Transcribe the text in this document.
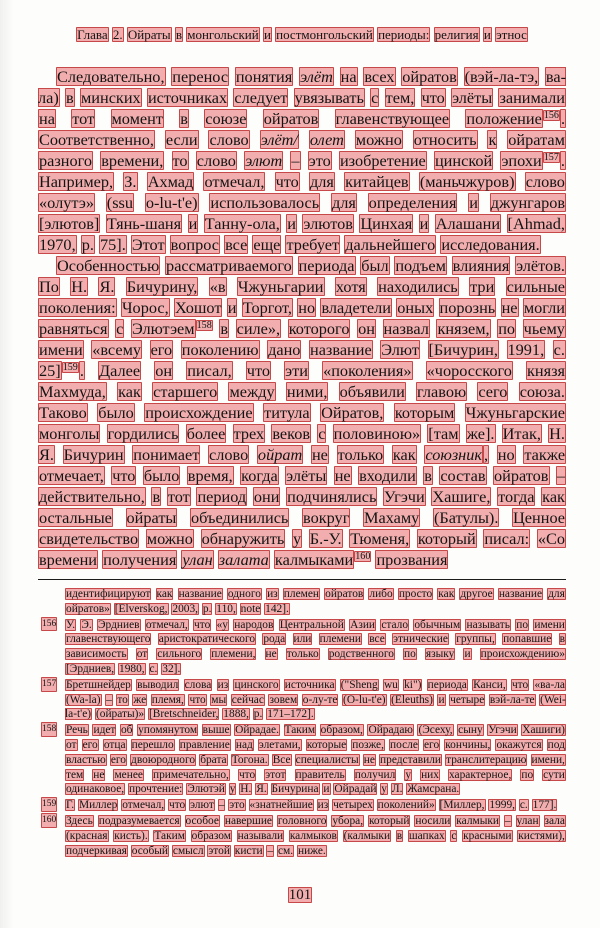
Глава 2. Ойраты в монгольский и постмонгольский периоды: религия и этнос

Следовательно, перенос понятия элёт на всех ойратов (вэй-ла-тэ, ва-ла) в минских источниках следует увязывать с тем, что элёты занимали на тот момент в союзе ойратов главенствующее положение $^{156}$ . Соответственно, если слово элёт/ олет можно относить к ойратам разного времени, то слово элют – это изобретение цинской эпохи $^{157}$ . Например, З. Ахмад отмечал, что для китайцев (маньчжуров) слово «олутэ» (ssu o-lu-t'e) использовалось для определения и джунгаров [элютов] Тянь-шаня и Танну-ола, и элютов Цинхая и Алашани [Ahmad, 1970, p. 75]. Этот вопрос все еще требует дальнейшего исследования.

Особенностью рассматриваемого периода был подъем влияния элётов. По Н. Я. Бичурину, «в Чжуньгарии хотя находились три сильные поколения: Чорос, Хошот и Торгот, но владетели оных порознь не могли равняться с Элютэем $^{158}$ в силе», которого он назвал князем, по чьему имени «всему его поколению дано название Элют [Бичурин, 1991, с. 25] $^{159}$ . Далее он писал, что эти «поколения» «чоросского князя Махмуда, как старшего между ними, объявили главою сего союза. Таково было происхождение титула Ойратов, которым Чжуньгарские монголы гордились более трех веков с половиною» [там же]. Итак, Н. Я. Бичурин понимает слово ойрат не только как союзник , но также отмечает, что было время, когда элёты не входили в состав ойратов – действительно, в тот период они подчинялись Угэчи Хашиге, тогда как остальные ойраты объединились вокруг Махаму (Батулы). Ценное свидетельство можно обнаружить у Б.-У. Тюменя, который писал: «Со времени получения улан залата калмыками $^{160}$ прозвания

идентифицируют как название одного из племен ойратов либо просто как другое название для ойратов» [Elverskog, 2003, p. 110, note 142].
156 У. Э. Эрдниев отмечал, что «у народов Центральной Азии стало обычным называть по имени главенствующего аристократического рода или племени все этнические группы, попавшие в зависимость от сильного племени, не только родственного по языку и происхождению» [Эрдниев, 1980, с. 32].
157 Бретшнейдер выводил слова из цинского источника ("Sheng wu ki") периода Канси, что «ва-ла (Wa-la) – то же племя, что мы сейчас зовем о-лу-те (O-lu-t'e) (Eleuths) и четыре вэй-ла-те (Wei-la-t'e) (ойраты)» [Bretschneider, 1888, p. 171–172].
158 Речь идет об упомянутом выше Ойрадае. Таким образом, Ойрадаю (Эсеху, сыну Угэчи Хашиги) от его отца перешло правление над элетами, которые позже, после его кончины, окажутся под властью его двоюродного брата Тогона. Все специалисты не представили транслитерацию имени, тем не менее примечательно, что этот правитель получил у них характерное, по сути одинаковое, прочтение: Элютэй у Н. Я. Бичурина и Ойрадай у Л. Жамсрана.
159 Г. Миллер отмечал, что элют – это «знатнейшие из четырех поколений» [Миллер, 1999, с. 177].
160 Здесь подразумевается особое навершие головного убора, который носили калмыки – улан зала (красная кисть). Таким образом называли калмыков (калмыки в шапках с красными кистями), подчеркивая особый смысл этой кисти – см. ниже.
101
